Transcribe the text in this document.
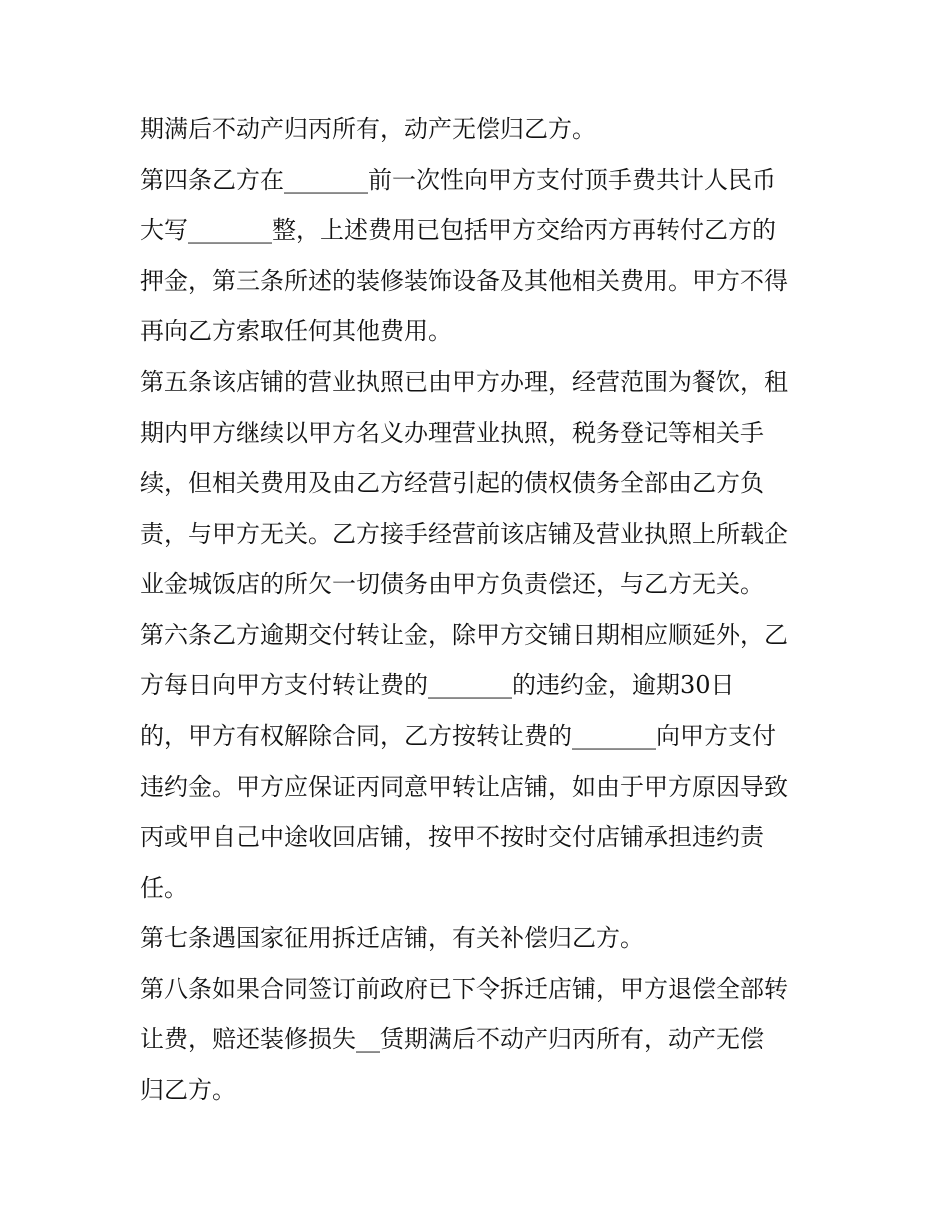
期满后不动产归丙所有，动产无偿归乙方。
第四条乙方在_______前一次性向甲方支付顶手费共计人民币
大写_______整，上述费用已包括甲方交给丙方再转付乙方的
押金，第三条所述的装修装饰设备及其他相关费用。甲方不得
再向乙方索取任何其他费用。
第五条该店铺的营业执照已由甲方办理，经营范围为餐饮，租
期内甲方继续以甲方名义办理营业执照，税务登记等相关手
续，但相关费用及由乙方经营引起的债权债务全部由乙方负
责，与甲方无关。乙方接手经营前该店铺及营业执照上所载企
业金城饭店的所欠一切债务由甲方负责偿还，与乙方无关。
第六条乙方逾期交付转让金，除甲方交铺日期相应顺延外，乙
方每日向甲方支付转让费的_______的违约金，逾期30日
的，甲方有权解除合同，乙方按转让费的_______向甲方支付
违约金。甲方应保证丙同意甲转让店铺，如由于甲方原因导致
丙或甲自己中途收回店铺，按甲不按时交付店铺承担违约责
任。
第七条遇国家征用拆迁店铺，有关补偿归乙方。
第八条如果合同签订前政府已下令拆迁店铺，甲方退偿全部转
让费，赔还装修损失__赁期满后不动产归丙所有，动产无偿
归乙方。
